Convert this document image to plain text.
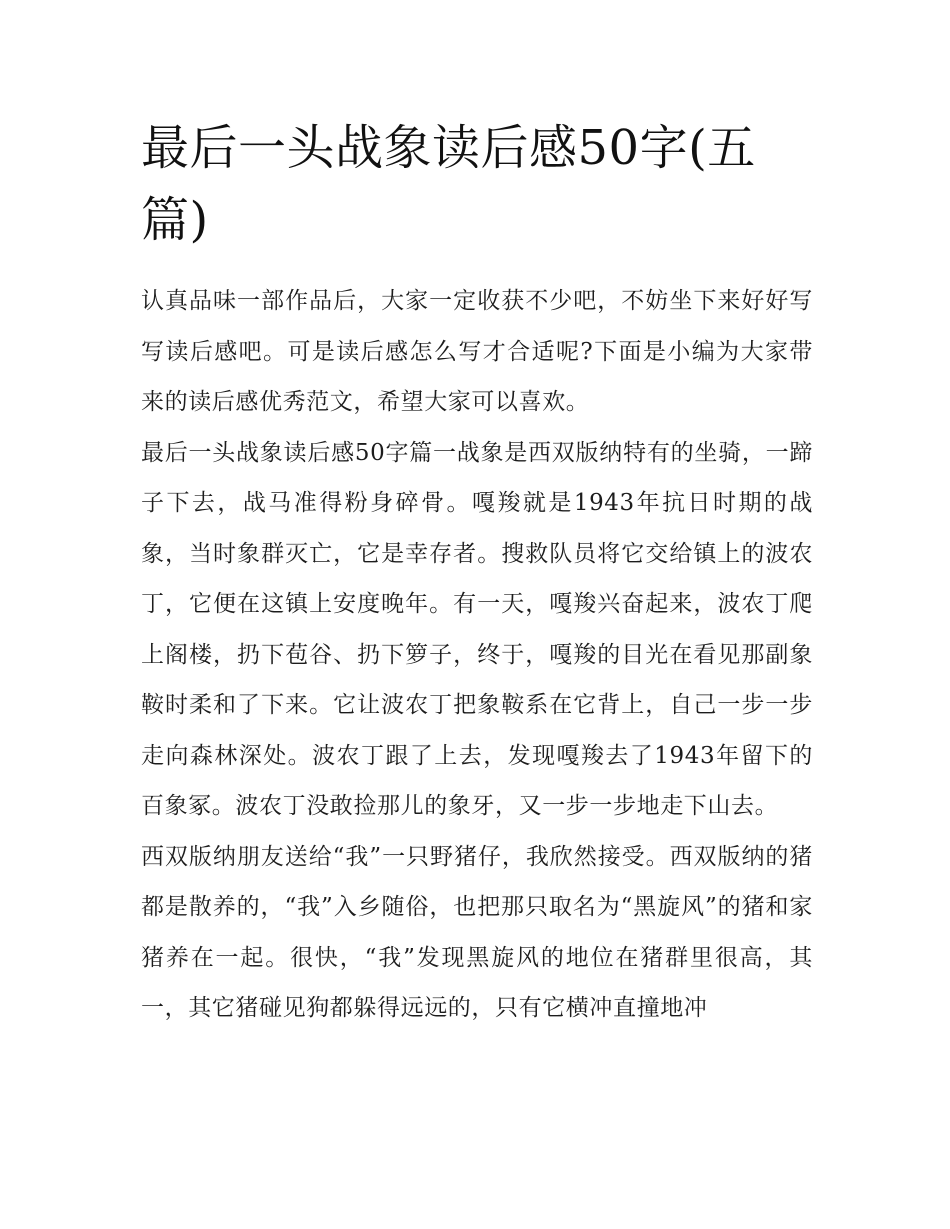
最后一头战象读后感50字(五篇)

认真品味一部作品后，大家一定收获不少吧，不妨坐下来好好写写读后感吧。可是读后感怎么写才合适呢?下面是小编为大家带来的读后感优秀范文，希望大家可以喜欢。

最后一头战象读后感50字篇一战象是西双版纳特有的坐骑，一蹄子下去，战马准得粉身碎骨。嘎羧就是1943年抗日时期的战象，当时象群灭亡，它是幸存者。搜救队员将它交给镇上的波农丁，它便在这镇上安度晚年。有一天，嘎羧兴奋起来，波农丁爬上阁楼，扔下苞谷、扔下箩子，终于，嘎羧的目光在看见那副象鞍时柔和了下来。它让波农丁把象鞍系在它背上，自己一步一步走向森林深处。波农丁跟了上去，发现嘎羧去了1943年留下的百象冢。波农丁没敢捡那儿的象牙，又一步一步地走下山去。

西双版纳朋友送给“我”一只野猪仔，我欣然接受。西双版纳的猪都是散养的，“我”入乡随俗，也把那只取名为“黑旋风”的猪和家猪养在一起。很快，“我”发现黑旋风的地位在猪群里很高，其一，其它猪碰见狗都躲得远远的，只有它横冲直撞地冲
